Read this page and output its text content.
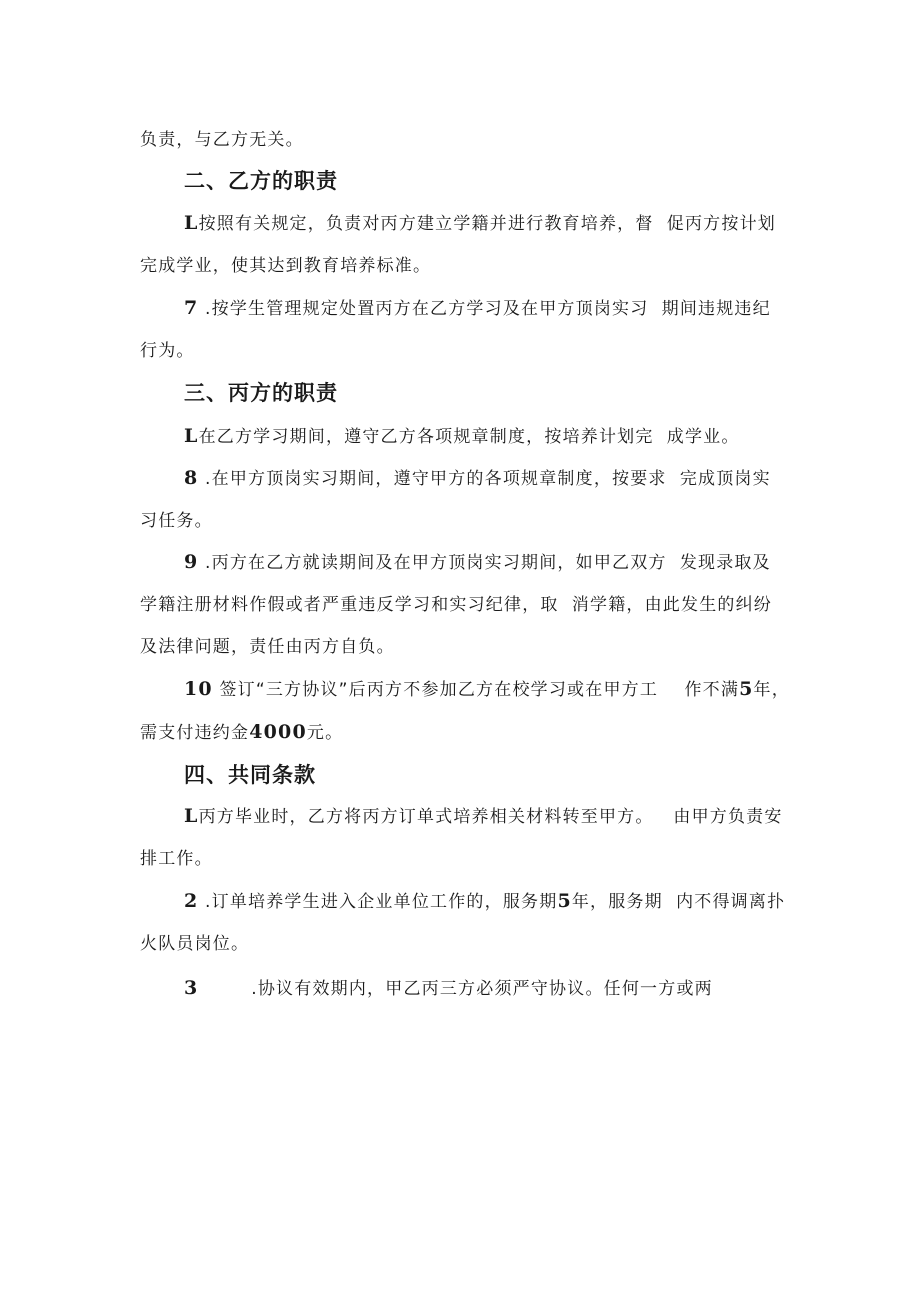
负责，与乙方无关。
二、乙方的职责
L按照有关规定，负责对丙方建立学籍并进行教育培养，督  促丙方按计划
完成学业，使其达到教育培养标准。
7 .按学生管理规定处置丙方在乙方学习及在甲方顶岗实习  期间违规违纪
行为。
三、丙方的职责
L在乙方学习期间，遵守乙方各项规章制度，按培养计划完  成学业。
8 .在甲方顶岗实习期间，遵守甲方的各项规章制度，按要求  完成顶岗实
习任务。
9 .丙方在乙方就读期间及在甲方顶岗实习期间，如甲乙双方  发现录取及
学籍注册材料作假或者严重违反学习和实习纪律，取  消学籍，由此发生的纠纷
及法律问题，责任由丙方自负。
10 签订“三方协议”后丙方不参加乙方在校学习或在甲方工    作不满5年，
需支付违约金4000元。
四、共同条款
L丙方毕业时，乙方将丙方订单式培养相关材料转至甲方。   由甲方负责安
排工作。
2 .订单培养学生进入企业单位工作的，服务期5年，服务期  内不得调离扑
火队员岗位。
3        .协议有效期内，甲乙丙三方必须严守协议。任何一方或两
